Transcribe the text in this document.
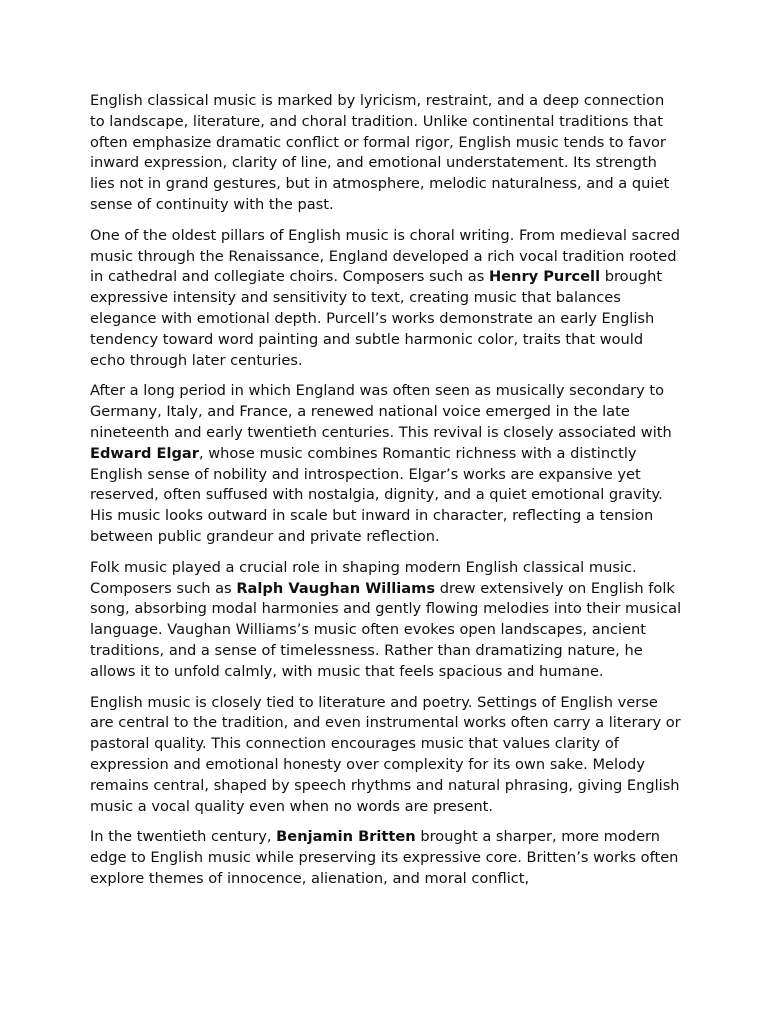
English classical music is marked by lyricism, restraint, and a deep connection to landscape, literature, and choral tradition. Unlike continental traditions that often emphasize dramatic conflict or formal rigor, English music tends to favor inward expression, clarity of line, and emotional understatement. Its strength lies not in grand gestures, but in atmosphere, melodic naturalness, and a quiet sense of continuity with the past.

One of the oldest pillars of English music is choral writing. From medieval sacred music through the Renaissance, England developed a rich vocal tradition rooted in cathedral and collegiate choirs. Composers such as Henry Purcell brought expressive intensity and sensitivity to text, creating music that balances elegance with emotional depth. Purcell’s works demonstrate an early English tendency toward word painting and subtle harmonic color, traits that would echo through later centuries.

After a long period in which England was often seen as musically secondary to Germany, Italy, and France, a renewed national voice emerged in the late nineteenth and early twentieth centuries. This revival is closely associated with Edward Elgar, whose music combines Romantic richness with a distinctly English sense of nobility and introspection. Elgar’s works are expansive yet reserved, often suffused with nostalgia, dignity, and a quiet emotional gravity. His music looks outward in scale but inward in character, reflecting a tension between public grandeur and private reflection.

Folk music played a crucial role in shaping modern English classical music. Composers such as Ralph Vaughan Williams drew extensively on English folk song, absorbing modal harmonies and gently flowing melodies into their musical language. Vaughan Williams’s music often evokes open landscapes, ancient traditions, and a sense of timelessness. Rather than dramatizing nature, he allows it to unfold calmly, with music that feels spacious and humane.

English music is closely tied to literature and poetry. Settings of English verse are central to the tradition, and even instrumental works often carry a literary or pastoral quality. This connection encourages music that values clarity of expression and emotional honesty over complexity for its own sake. Melody remains central, shaped by speech rhythms and natural phrasing, giving English music a vocal quality even when no words are present.

In the twentieth century, Benjamin Britten brought a sharper, more modern edge to English music while preserving its expressive core. Britten’s works often explore themes of innocence, alienation, and moral conflict,
